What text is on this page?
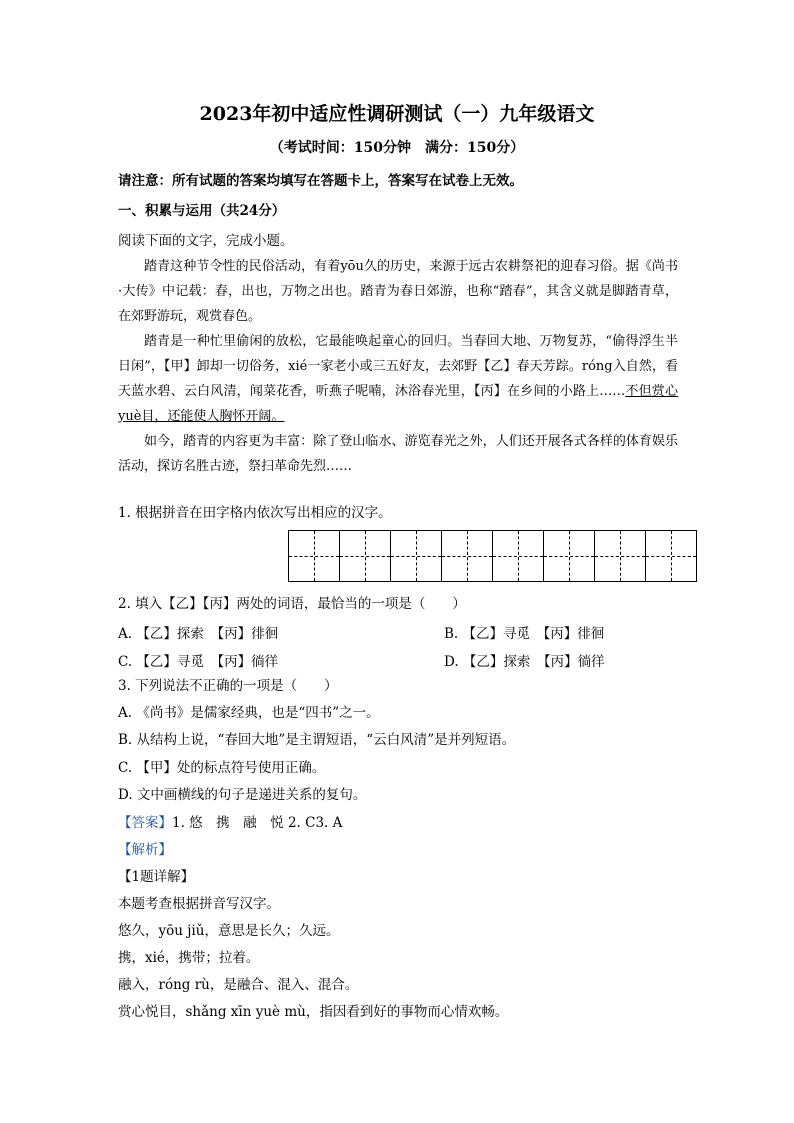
2023年初中适应性调研测试（一）九年级语文
（考试时间：150分钟　满分：150分）
请注意：所有试题的答案均填写在答题卡上，答案写在试卷上无效。
一、积累与运用（共24分）
阅读下面的文字，完成小题。

踏青这种节令性的民俗活动，有着yōu久的历史，来源于远古农耕祭祀的迎春习俗。据《尚书·大传》中记载：春，出也，万物之出也。踏青为春日郊游，也称“踏春”，其含义就是脚踏青草，在郊野游玩，观赏春色。

踏青是一种忙里偷闲的放松，它最能唤起童心的回归。当春回大地、万物复苏，“偷得浮生半日闲”，【甲】卸却一切俗务，xié一家老小或三五好友，去郊野【乙】春天芳踪。róng入自然，看天蓝水碧、云白风清，闻菜花香，听燕子呢喃，沐浴春光里，【丙】在乡间的小路上……不但赏心yuè目，还能使人胸怀开阔。

如今，踏青的内容更为丰富：除了登山临水、游览春光之外，人们还开展各式各样的体育娱乐活动，探访名胜古迹，祭扫革命先烈……

1. 根据拼音在田字格内依次写出相应的汉字。
2. 填入【乙】【丙】两处的词语，最恰当的一项是（　　）
A. 【乙】探索　【丙】徘徊	B. 【乙】寻觅　【丙】徘徊
C. 【乙】寻觅　【丙】徜徉	D. 【乙】探索　【丙】徜徉
3. 下列说法不正确的一项是（　　）
A. 《尚书》是儒家经典，也是“四书”之一。
B. 从结构上说，“春回大地”是主谓短语，“云白风清”是并列短语。
C. 【甲】处的标点符号使用正确。
D. 文中画横线的句子是递进关系的复句。
【答案】1. 悠　携　融　悦 2. C3. A
【解析】
【1题详解】
本题考查根据拼音写汉字。
悠久，yōu jiǔ，意思是长久；久远。
携，xié，携带；拉着。
融入，róng rù，是融合、混入、混合。
赏心悦目，shǎng xīn yuè mù，指因看到好的事物而心情欢畅。
